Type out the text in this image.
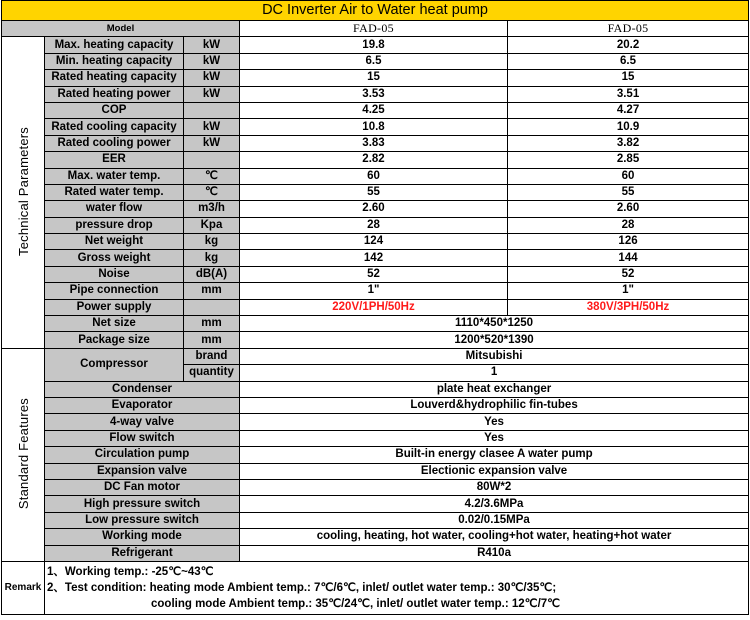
DC Inverter Air to Water heat pump				
Model			FAD-05	FAD-05
Technical Parameters	Max. heating capacity	kW	19.8	20.2
	Min. heating capacity	kW	6.5	6.5
	Rated heating capacity	kW	15	15
	Rated heating power	kW	3.53	3.51
	COP		4.25	4.27
	Rated cooling capacity	kW	10.8	10.9
	Rated cooling power	kW	3.83	3.82
	EER		2.82	2.85
	Max. water temp.	℃	60	60
	Rated water temp.	℃	55	55
	water flow	m3/h	2.60	2.60
	pressure drop	Kpa	28	28
	Net weight	kg	124	126
	Gross weight	kg	142	144
	Noise	dB(A)	52	52
	Pipe connection	mm	1"	1"
	Power supply		220V/1PH/50Hz	380V/3PH/50Hz
	Net size	mm	1110*450*1250	
	Package size	mm	1200*520*1390	
Standard Features	Compressor	brand	Mitsubishi	
		quantity	1	
	Condenser		plate heat exchanger	
	Evaporator		Louverd&hydrophilic fin-tubes	
	4-way valve		Yes	
	Flow switch		Yes	
	Circulation pump		Built-in energy clasee A water pump	
	Expansion valve		Electionic expansion valve	
	DC Fan motor		80W*2	
	High pressure switch		4.2/3.6MPa	
	Low pressure switch		0.02/0.15MPa	
	Working mode		cooling, heating, hot water, cooling+hot water, heating+hot water	
	Refrigerant		R410a	
Remark	1、Working temp.: -25℃~43℃
2、Test condition: heating mode Ambient temp.: 7℃/6℃, inlet/ outlet water temp.: 30℃/35℃;
cooling mode Ambient temp.: 35℃/24℃, inlet/ outlet water temp.: 12℃/7℃			
